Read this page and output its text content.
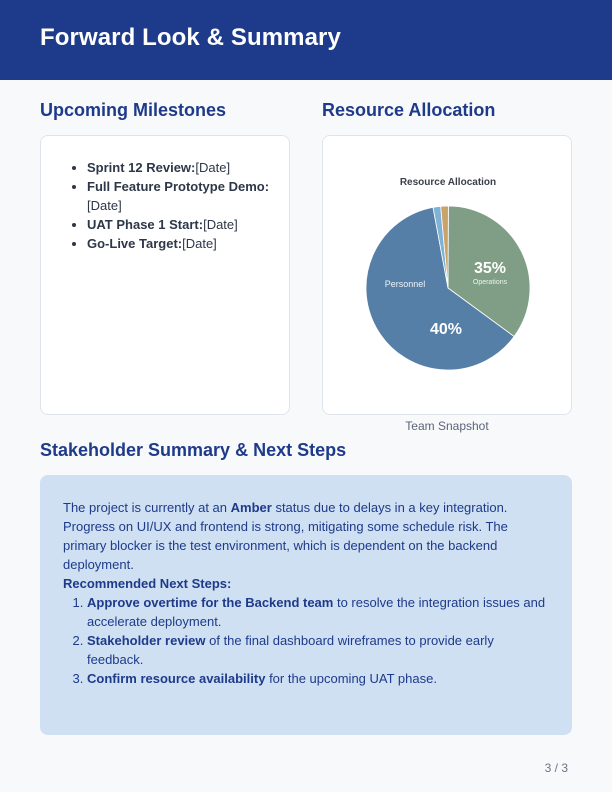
Forward Look & Summary
Upcoming Milestones
• Sprint 12 Review:[Date]
• Full Feature Prototype Demo:[Date]
• UAT Phase 1 Start:[Date]
• Go-Live Target:[Date]
Resource Allocation
Resource Allocation
Personnel
40%
35%
Operations
Team Snapshot
Stakeholder Summary & Next Steps

The project is currently at an Amber status due to delays in a key integration. Progress on UI/UX and frontend is strong, mitigating some schedule risk. The primary blocker is the test environment, which is dependent on the backend deployment.

Recommended Next Steps:

1. Approve overtime for the Backend team to resolve the integration issues and accelerate deployment.
2. Stakeholder review of the final dashboard wireframes to provide early feedback.
3. Confirm resource availability for the upcoming UAT phase.
3 / 3
